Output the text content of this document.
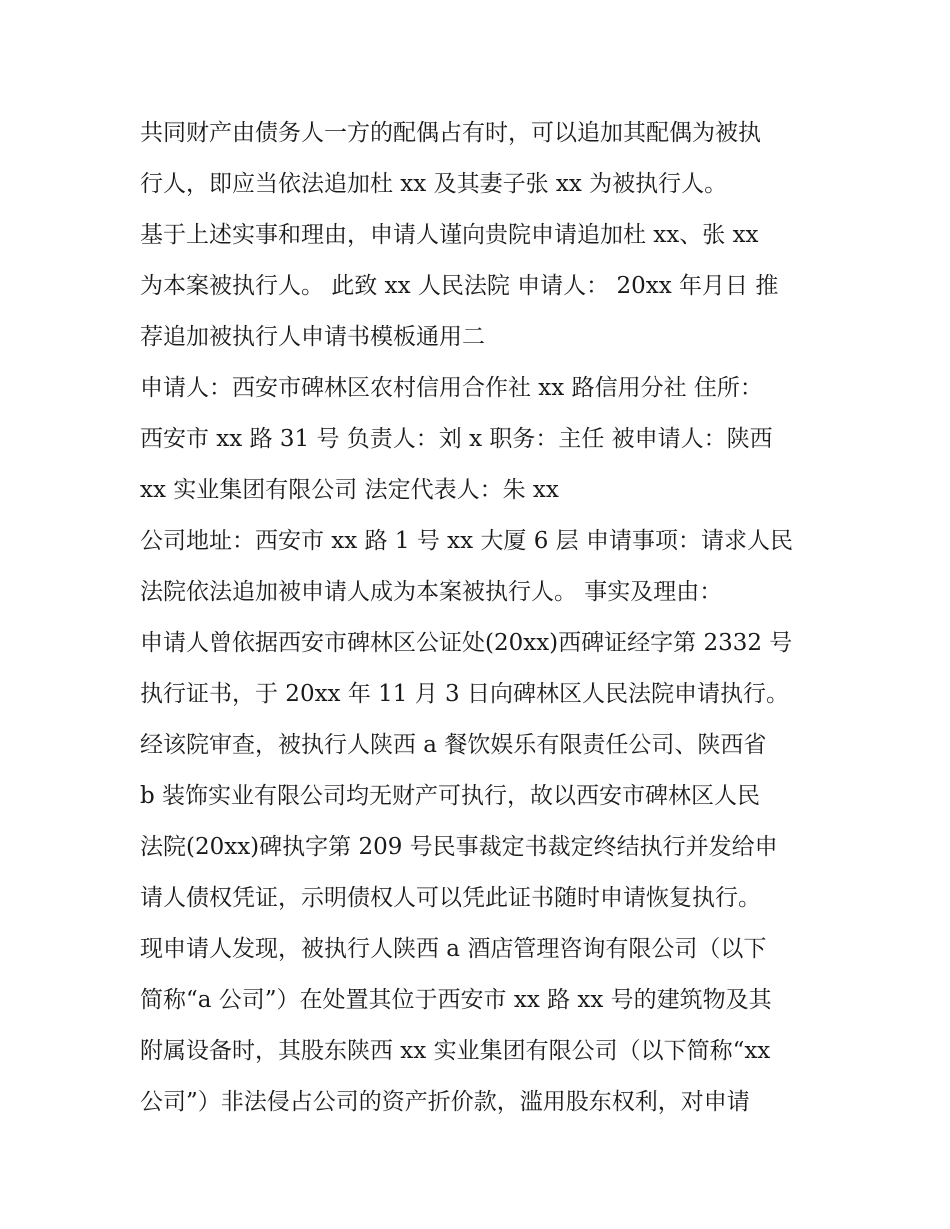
共同财产由债务人一方的配偶占有时，可以追加其配偶为被执
行人，即应当依法追加杜 xx 及其妻子张 xx 为被执行人。
基于上述实事和理由，申请人谨向贵院申请追加杜 xx、张 xx
为本案被执行人。 此致 xx 人民法院 申请人： 20xx 年月日 推
荐追加被执行人申请书模板通用二
申请人：西安市碑林区农村信用合作社 xx 路信用分社 住所：
西安市 xx 路 31 号 负责人：刘 x 职务：主任 被申请人：陕西
xx 实业集团有限公司 法定代表人：朱 xx
公司地址：西安市 xx 路 1 号 xx 大厦 6 层 申请事项：请求人民
法院依法追加被申请人成为本案被执行人。 事实及理由：
申请人曾依据西安市碑林区公证处(20xx)西碑证经字第 2332 号
执行证书，于 20xx 年 11 月 3 日向碑林区人民法院申请执行。
经该院审查，被执行人陕西 a 餐饮娱乐有限责任公司、陕西省
b 装饰实业有限公司均无财产可执行，故以西安市碑林区人民
法院(20xx)碑执字第 209 号民事裁定书裁定终结执行并发给申
请人债权凭证，示明债权人可以凭此证书随时申请恢复执行。
现申请人发现，被执行人陕西 a 酒店管理咨询有限公司（以下
简称“a 公司”）在处置其位于西安市 xx 路 xx 号的建筑物及其
附属设备时，其股东陕西 xx 实业集团有限公司（以下简称“xx
公司”）非法侵占公司的资产折价款，滥用股东权利，对申请
